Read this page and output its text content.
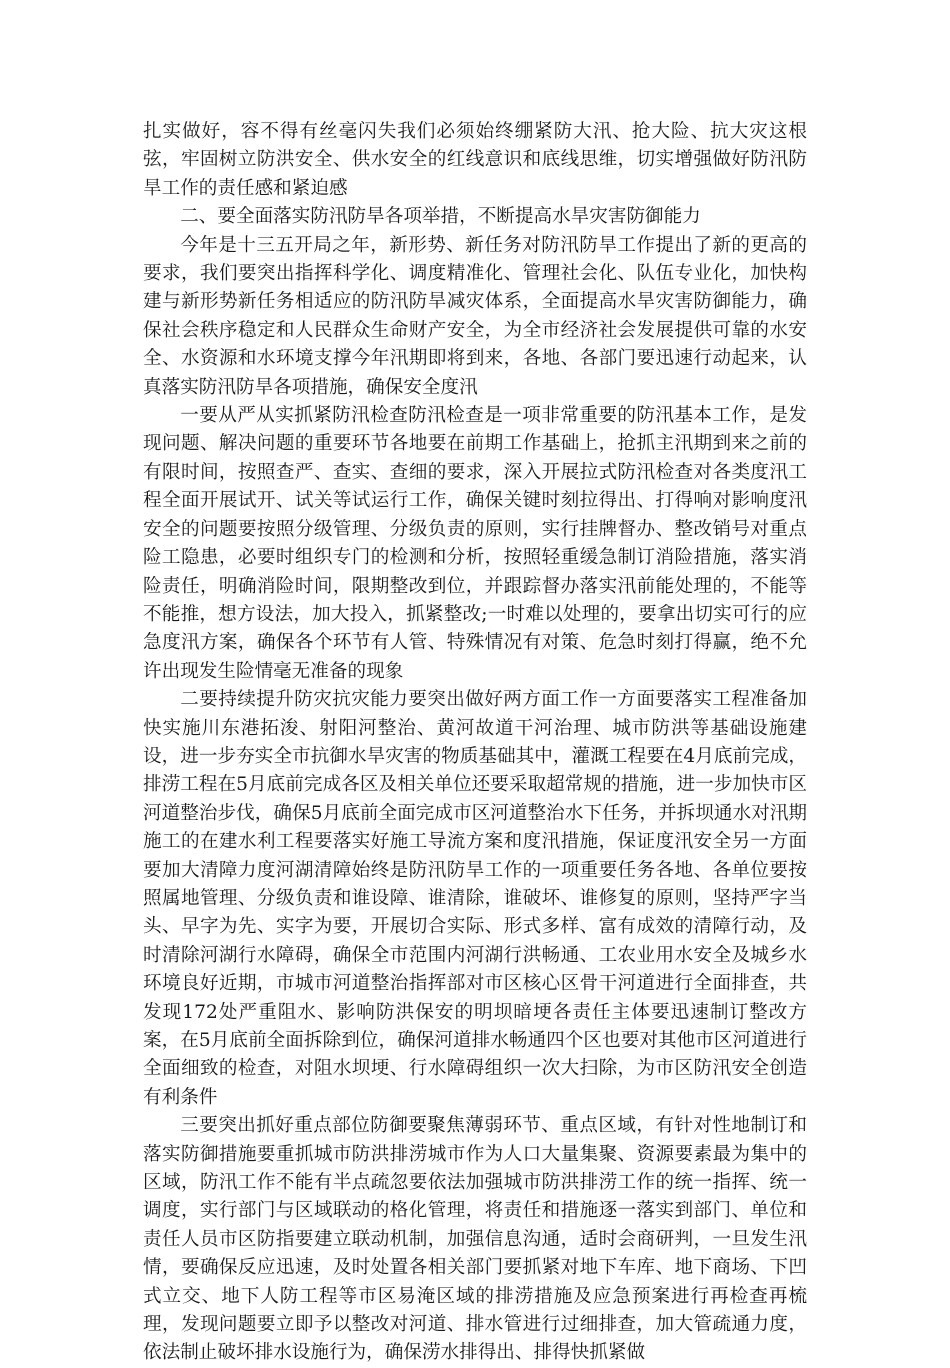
扎实做好，容不得有丝毫闪失我们必须始终绷紧防大汛、抢大险、抗大灾这根弦，牢固树立防洪安全、供水安全的红线意识和底线思维，切实增强做好防汛防旱工作的责任感和紧迫感

二、要全面落实防汛防旱各项举措，不断提高水旱灾害防御能力

今年是十三五开局之年，新形势、新任务对防汛防旱工作提出了新的更高的要求，我们要突出指挥科学化、调度精准化、管理社会化、队伍专业化，加快构建与新形势新任务相适应的防汛防旱减灾体系，全面提高水旱灾害防御能力，确保社会秩序稳定和人民群众生命财产安全，为全市经济社会发展提供可靠的水安全、水资源和水环境支撑今年汛期即将到来，各地、各部门要迅速行动起来，认真落实防汛防旱各项措施，确保安全度汛

一要从严从实抓紧防汛检查防汛检查是一项非常重要的防汛基本工作，是发现问题、解决问题的重要环节各地要在前期工作基础上，抢抓主汛期到来之前的有限时间，按照查严、查实、查细的要求，深入开展拉式防汛检查对各类度汛工程全面开展试开、试关等试运行工作，确保关键时刻拉得出、打得响对影响度汛安全的问题要按照分级管理、分级负责的原则，实行挂牌督办、整改销号对重点险工隐患，必要时组织专门的检测和分析，按照轻重缓急制订消险措施，落实消险责任，明确消险时间，限期整改到位，并跟踪督办落实汛前能处理的，不能等不能推，想方设法，加大投入，抓紧整改;一时难以处理的，要拿出切实可行的应急度汛方案，确保各个环节有人管、特殊情况有对策、危急时刻打得赢，绝不允许出现发生险情毫无准备的现象

二要持续提升防灾抗灾能力要突出做好两方面工作一方面要落实工程准备加快实施川东港拓浚、射阳河整治、黄河故道干河治理、城市防洪等基础设施建设，进一步夯实全市抗御水旱灾害的物质基础其中，灌溉工程要在4月底前完成，排涝工程在5月底前完成各区及相关单位还要采取超常规的措施，进一步加快市区河道整治步伐，确保5月底前全面完成市区河道整治水下任务，并拆坝通水对汛期施工的在建水利工程要落实好施工导流方案和度汛措施，保证度汛安全另一方面要加大清障力度河湖清障始终是防汛防旱工作的一项重要任务各地、各单位要按照属地管理、分级负责和谁设障、谁清除，谁破坏、谁修复的原则，坚持严字当头、早字为先、实字为要，开展切合实际、形式多样、富有成效的清障行动，及时清除河湖行水障碍，确保全市范围内河湖行洪畅通、工农业用水安全及城乡水环境良好近期，市城市河道整治指挥部对市区核心区骨干河道进行全面排查，共发现172处严重阻水、影响防洪保安的明坝暗埂各责任主体要迅速制订整改方案，在5月底前全面拆除到位，确保河道排水畅通四个区也要对其他市区河道进行全面细致的检查，对阻水坝埂、行水障碍组织一次大扫除，为市区防汛安全创造有利条件

三要突出抓好重点部位防御要聚焦薄弱环节、重点区域，有针对性地制订和落实防御措施要重抓城市防洪排涝城市作为人口大量集聚、资源要素最为集中的区域，防汛工作不能有半点疏忽要依法加强城市防洪排涝工作的统一指挥、统一调度，实行部门与区域联动的格化管理，将责任和措施逐一落实到部门、单位和责任人员市区防指要建立联动机制，加强信息沟通，适时会商研判，一旦发生汛情，要确保反应迅速，及时处置各相关部门要抓紧对地下车库、地下商场、下凹式立交、地下人防工程等市区易淹区域的排涝措施及应急预案进行再检查再梳理，发现问题要立即予以整改对河道、排水管进行过细排查，加大管疏通力度，依法制止破坏排水设施行为，确保涝水排得出、排得快抓紧做
